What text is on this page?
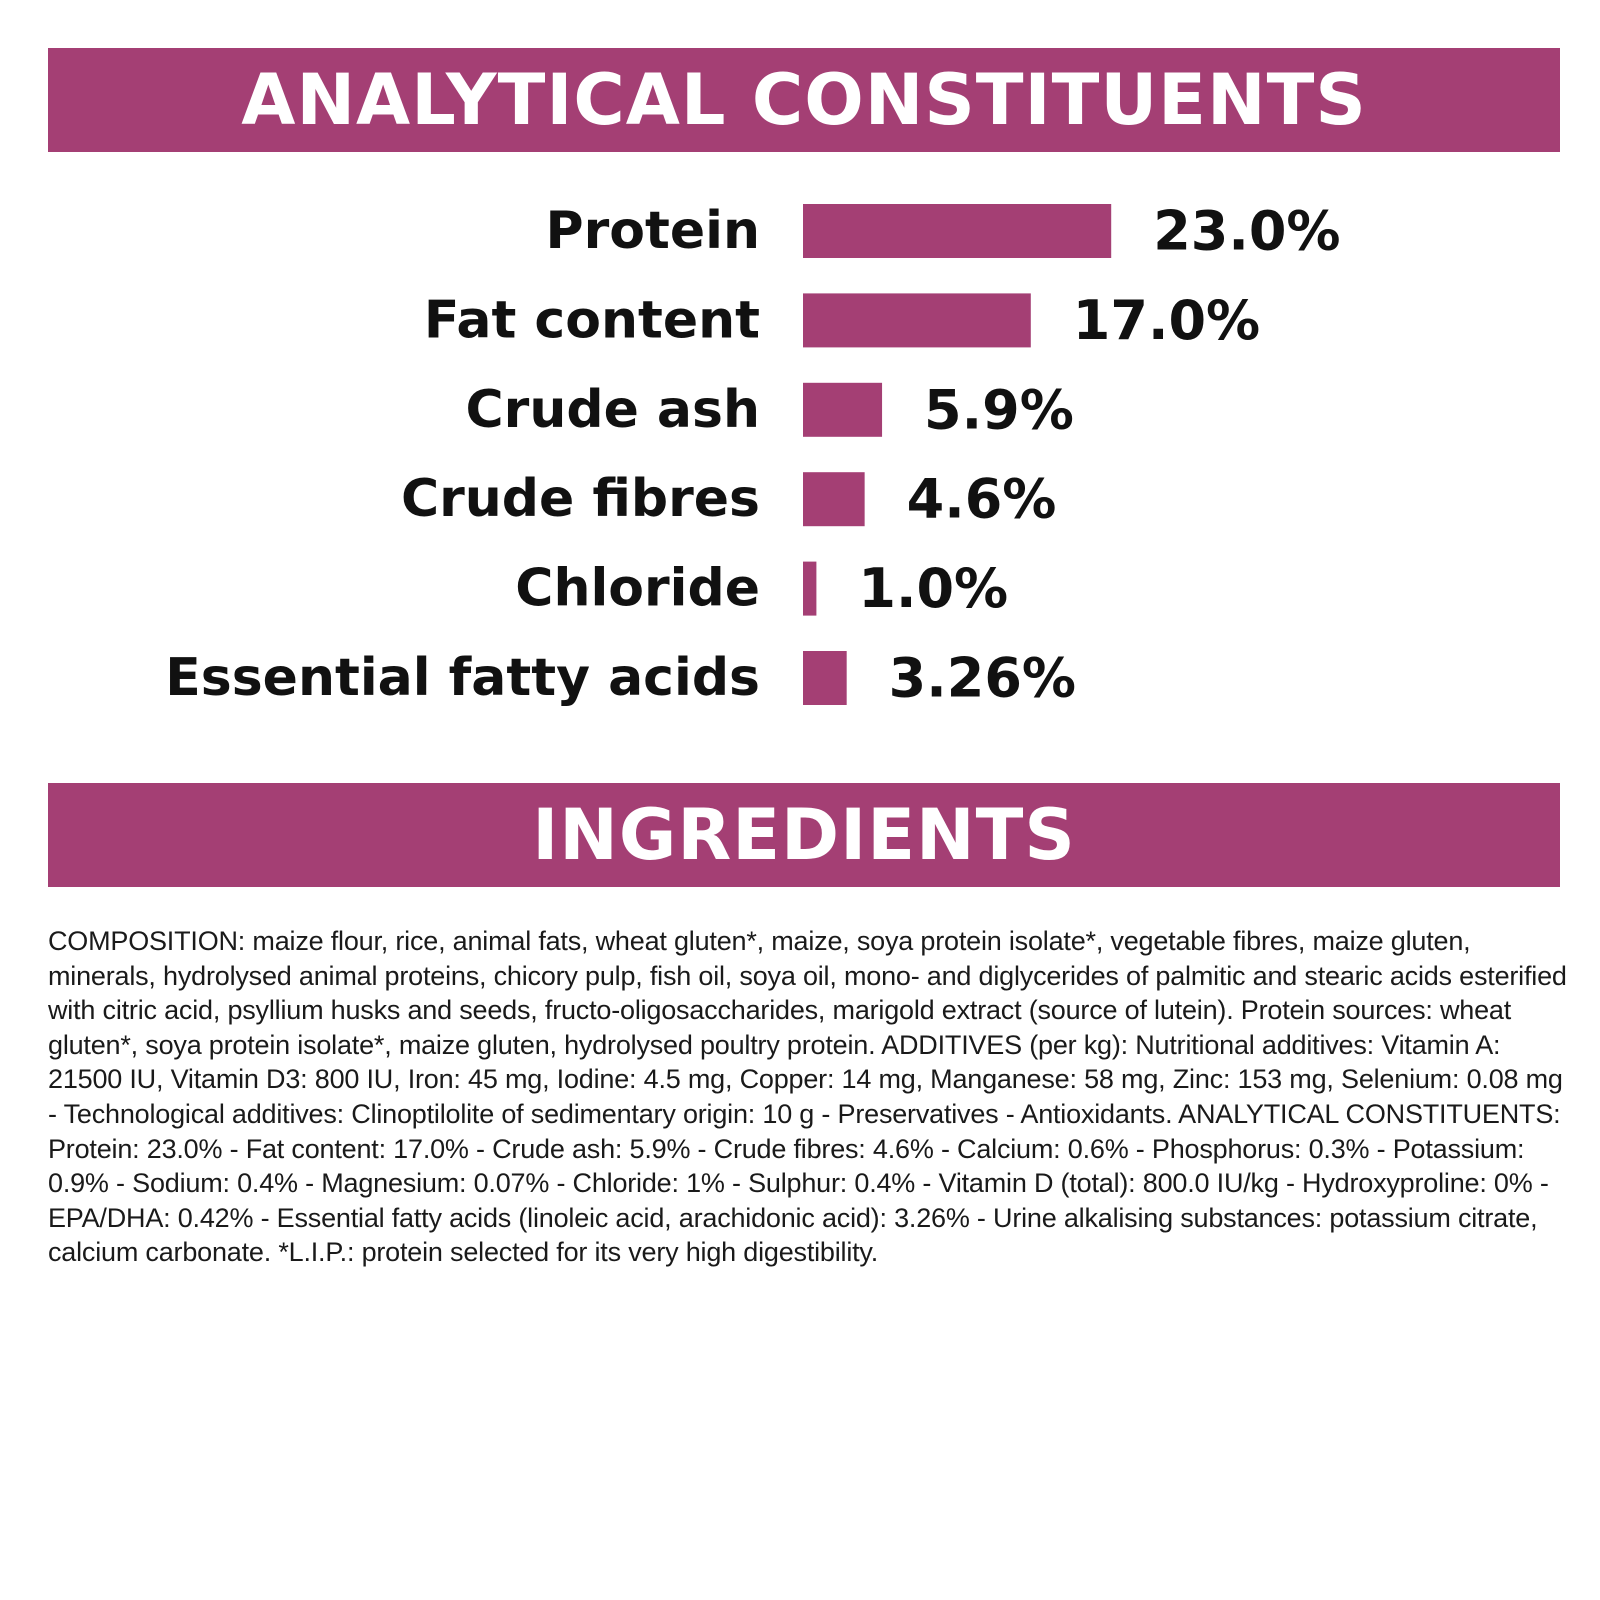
ANALYTICAL CONSTITUENTS
Protein	23.0%
Fat content	17.0%
Crude ash	5.9%
Crude fibres	4.6%
Chloride 1.0%
Essential fatty acids 3.26%
INGREDIENTS

COMPOSITION: maize flour, rice, animal fats, wheat gluten*, maize, soya protein isolate*, vegetable fibres, maize gluten, minerals, hydrolysed animal proteins, chicory pulp, fish oil, soya oil, mono- and diglycerides of palmitic and stearic acids esterified with citric acid, psyllium husks and seeds, fructo-oligosaccharides, marigold extract (source of lutein). Protein sources: wheat gluten*, soya protein isolate*, maize gluten, hydrolysed poultry protein. ADDITIVES (per kg): Nutritional additives: Vitamin A: 21500 IU, Vitamin D3: 800 IU, Iron: 45 mg, Iodine: 4.5 mg, Copper: 14 mg, Manganese: 58 mg, Zinc: 153 mg, Selenium: 0.08 mg - Technological additives: Clinoptilolite of sedimentary origin: 10 g - Preservatives - Antioxidants. ANALYTICAL CONSTITUENTS: Protein: 23.0% - Fat content: 17.0% - Crude ash: 5.9% - Crude fibres: 4.6% - Calcium: 0.6% - Phosphorus: 0.3% - Potassium: 0.9% - Sodium: 0.4% - Magnesium: 0.07% - Chloride: 1% - Sulphur: 0.4% - Vitamin D (total): 800.0 IU/kg - Hydroxyproline: 0% - EPA/DHA: 0.42% - Essential fatty acids (linoleic acid, arachidonic acid): 3.26% - Urine alkalising substances: potassium citrate, calcium carbonate. *L.I.P.: protein selected for its very high digestibility.
